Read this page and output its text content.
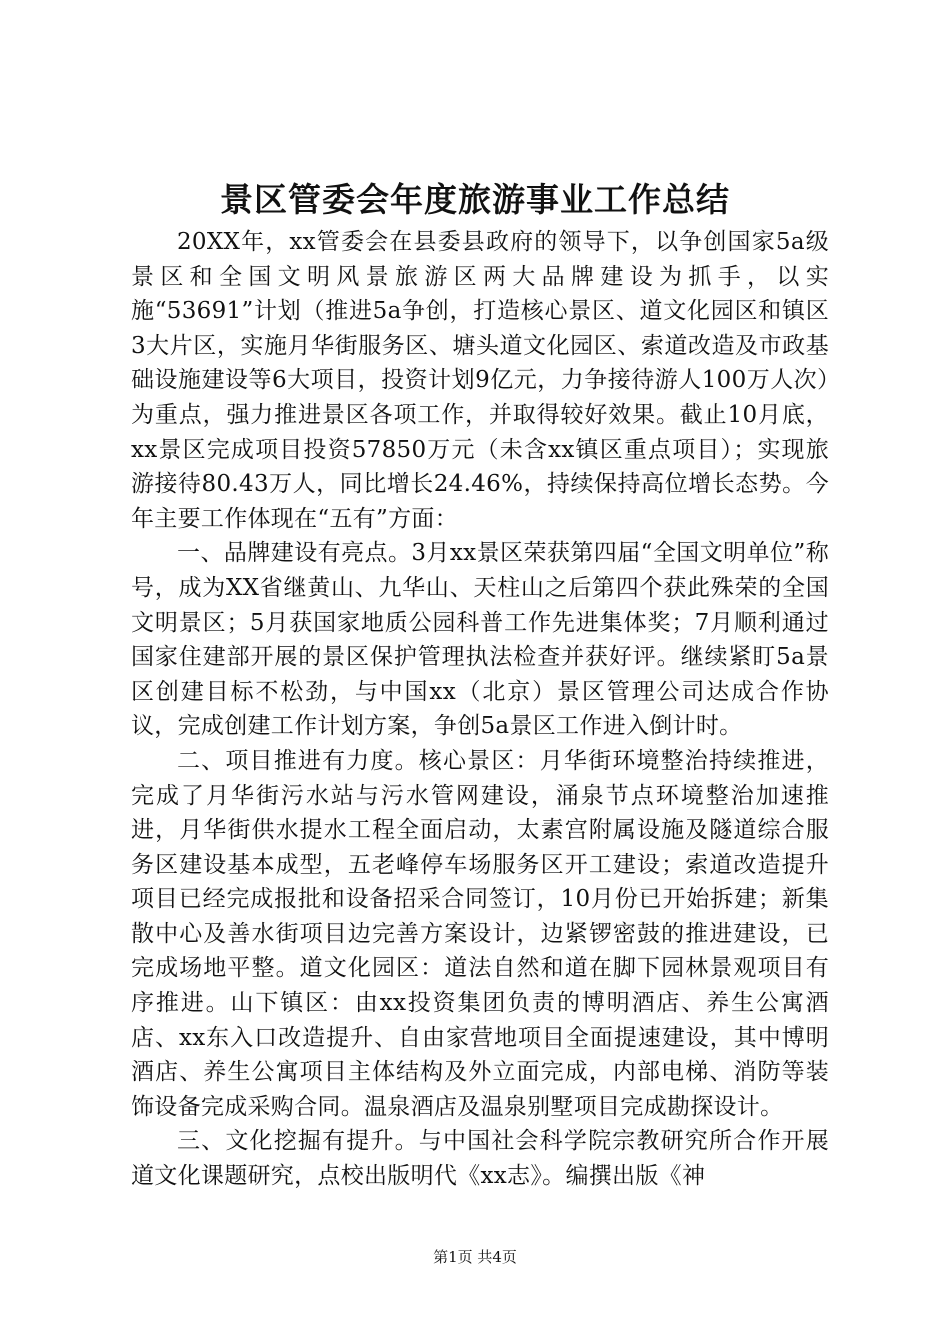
景区管委会年度旅游事业工作总结

20XX年，xx管委会在县委县政府的领导下，以争创国家5a级景区和全国文明风景旅游区两大品牌建设为抓手，以实施“53691”计划（推进5a争创，打造核心景区、道文化园区和镇区3大片区，实施月华街服务区、塘头道文化园区、索道改造及市政基础设施建设等6大项目，投资计划9亿元，力争接待游人100万人次）为重点，强力推进景区各项工作，并取得较好效果。截止10月底，xx景区完成项目投资57850万元（未含xx镇区重点项目）；实现旅游接待80.43万人，同比增长24.46%，持续保持高位增长态势。今年主要工作体现在“五有”方面：

一、品牌建设有亮点。3月xx景区荣获第四届“全国文明单位”称号，成为XX省继黄山、九华山、天柱山之后第四个获此殊荣的全国文明景区；5月获国家地质公园科普工作先进集体奖；7月顺利通过国家住建部开展的景区保护管理执法检查并获好评。继续紧盯5a景区创建目标不松劲，与中国xx（北京）景区管理公司达成合作协议，完成创建工作计划方案，争创5a景区工作进入倒计时。

二、项目推进有力度。核心景区：月华街环境整治持续推进，完成了月华街污水站与污水管网建设，涌泉节点环境整治加速推进，月华街供水提水工程全面启动，太素宫附属设施及隧道综合服务区建设基本成型，五老峰停车场服务区开工建设；索道改造提升项目已经完成报批和设备招采合同签订，10月份已开始拆建；新集散中心及善水街项目边完善方案设计，边紧锣密鼓的推进建设，已完成场地平整。道文化园区：道法自然和道在脚下园林景观项目有序推进。山下镇区：由xx投资集团负责的博明酒店、养生公寓酒店、xx东入口改造提升、自由家营地项目全面提速建设，其中博明酒店、养生公寓项目主体结构及外立面完成，内部电梯、消防等装饰设备完成采购合同。温泉酒店及温泉别墅项目完成勘探设计。

三、文化挖掘有提升。与中国社会科学院宗教研究所合作开展道文化课题研究，点校出版明代《xx志》。编撰出版《神

第1页 共4页
